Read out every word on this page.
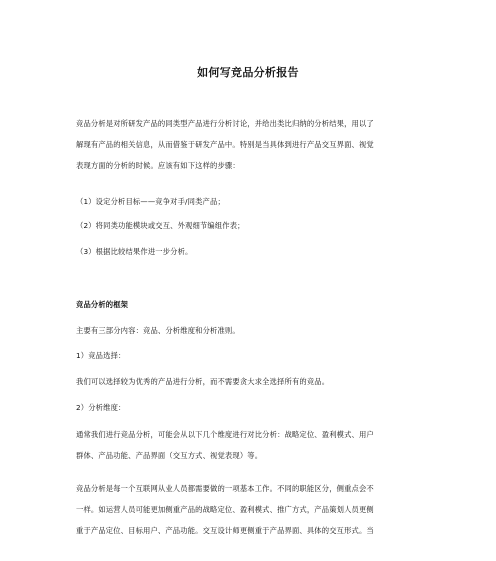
如何写竞品分析报告
竞品分析是对所研发产品的同类型产品进行分析讨论，并给出类比归纳的分析结果，用以了
解现有产品的相关信息，从而借鉴于研发产品中。特别是当具体到进行产品交互界面、视觉
表现方面的分析的时候。应该有如下这样的步骤：
（1）设定分析目标——竞争对手/同类产品；
（2）将同类功能模块或交互、外观细节编组作表；
（3）根据比较结果作进一步分析。
竞品分析的框架
主要有三部分内容：竞品、分析维度和分析准则。
1）竞品选择：
我们可以选择较为优秀的产品进行分析，而不需要贪大求全选择所有的竞品。
2）分析维度：
通常我们进行竞品分析，可能会从以下几个维度进行对比分析：战略定位、盈利模式、用户
群体、产品功能、产品界面（交互方式、视觉表现）等。
竞品分析是每一个互联网从业人员都需要做的一项基本工作。不同的职能区分，侧重点会不
一样。如运营人员可能更加侧重产品的战略定位、盈利模式、推广方式，产品策划人员更侧
重于产品定位、目标用户、产品功能。交互设计师更侧重于产品界面、具体的交互形式。当
